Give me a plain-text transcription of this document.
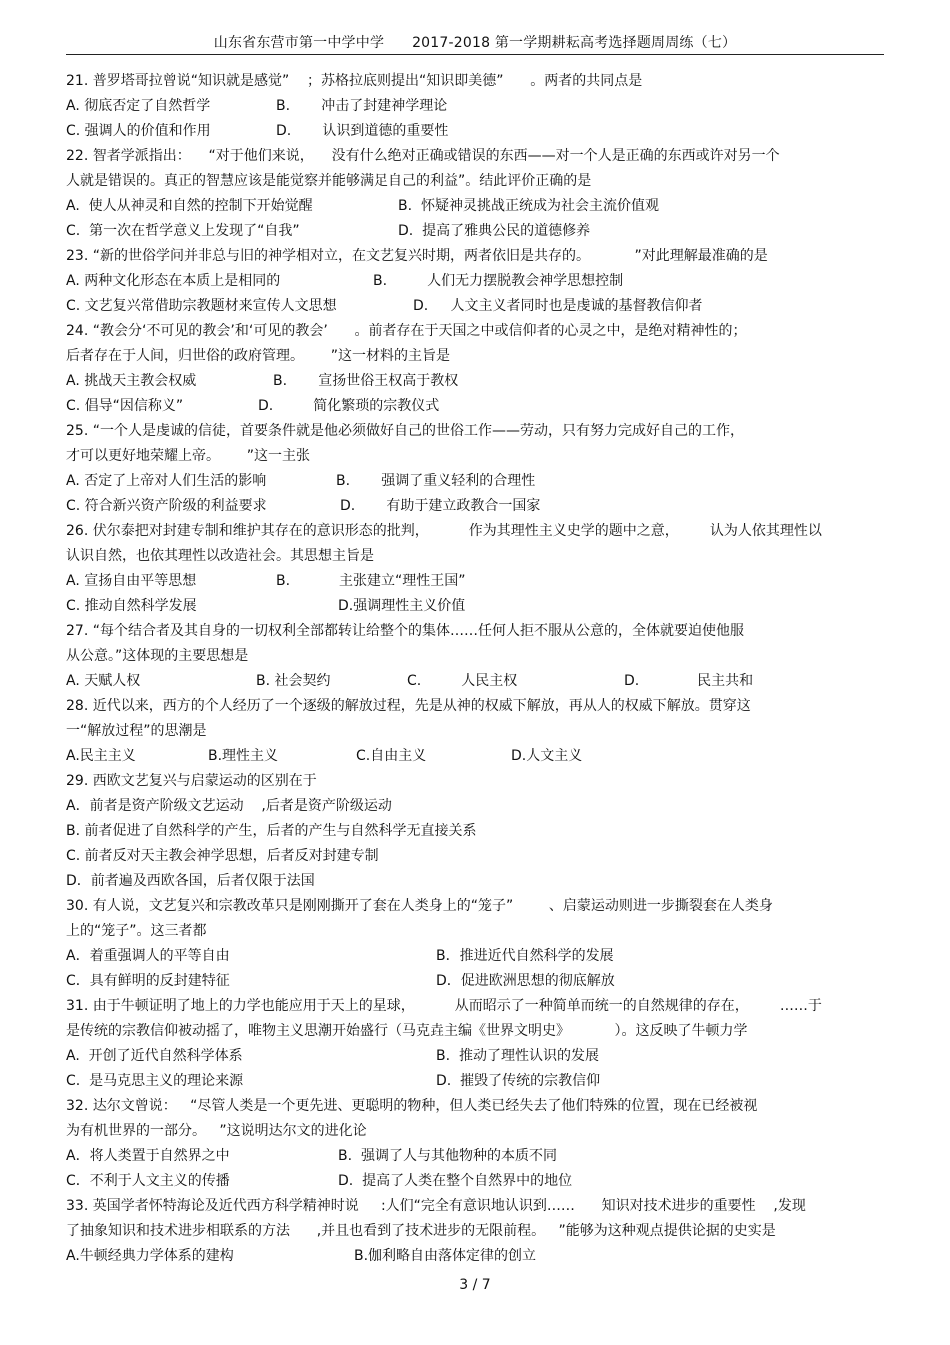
山东省东营市第一中学中学 2017-2018 第一学期耕耘高考选择题周周练（七）
21. 普罗塔哥拉曾说“知识就是感觉”    ；苏格拉底则提出“知识即美德”      。两者的共同点是
A. 彻底否定了自然哲学	B.       冲击了封建神学理论
C. 强调人的价值和作用	D.       认识到道德的重要性
22. 智者学派指出：    “对于他们来说，    没有什么绝对正确或错误的东西——对一个人是正确的东西或许对另一个
人就是错误的。真正的智慧应该是能觉察并能够满足自己的利益”。结此评价正确的是
A.  使人从神灵和自然的控制下开始觉醒	B.  怀疑神灵挑战正统成为社会主流价值观
C.  第一次在哲学意义上发现了“自我”	D.  提高了雅典公民的道德修养
23. “新的世俗学问并非总与旧的神学相对立，在文艺复兴时期，两者依旧是共存的。          ”对此理解最准确的是
A. 两种文化形态在本质上是相同的	B.         人们无力摆脱教会神学思想控制
C. 文艺复兴常借助宗教题材来宣传人文思想	D.     人文主义者同时也是虔诚的基督教信仰者
24. “教会分‘不可见的教会’和‘可见的教会’      。前者存在于天国之中或信仰者的心灵之中，是绝对精神性的；
后者存在于人间，归世俗的政府管理。      ”这一材料的主旨是
A. 挑战天主教会权威	B.       宣扬世俗王权高于教权
C. 倡导“因信称义”	D.         简化繁琐的宗教仪式
25. “一个人是虔诚的信徒，首要条件就是他必须做好自己的世俗工作——劳动，只有努力完成好自己的工作，
才可以更好地荣耀上帝。      ”这一主张
A. 否定了上帝对人们生活的影响	B.       强调了重义轻利的合理性
C. 符合新兴资产阶级的利益要求	D.       有助于建立政教合一国家
26. 伏尔泰把对封建专制和维护其存在的意识形态的批判，         作为其理性主义史学的题中之意，       认为人依其理性以
认识自然，也依其理性以改造社会。其思想主旨是
A. 宣扬自由平等思想	B.           主张建立“理性王国”
C. 推动自然科学发展	D.强调理性主义价值
27. “每个结合者及其自身的一切权利全部都转让给整个的集体……任何人拒不服从公意的，全体就要迫使他服
从公意。”这体现的主要思想是
A. 天赋人权	B. 社会契约	C.         人民主权	D.             民主共和
28. 近代以来，西方的个人经历了一个逐级的解放过程，先是从神的权威下解放，再从人的权威下解放。贯穿这
一“解放过程”的思潮是
A.民主主义	B.理性主义	C.自由主义	D.人文主义
29. 西欧文艺复兴与启蒙运动的区别在于
A．前者是资产阶级文艺运动    ,后者是资产阶级运动
B. 前者促进了自然科学的产生，后者的产生与自然科学无直接关系
C. 前者反对天主教会神学思想，后者反对封建专制
D．前者遍及西欧各国，后者仅限于法国
30. 有人说，文艺复兴和宗教改革只是刚刚撕开了套在人类身上的“笼子”        、启蒙运动则进一步撕裂套在人类身
上的“笼子”。这三者都
A．着重强调人的平等自由	B．推进近代自然科学的发展
C．具有鲜明的反封建特征	D．促进欧洲思想的彻底解放
31. 由于牛顿证明了地上的力学也能应用于天上的星球，         从而昭示了一种简单而统一的自然规律的存在，       ……于
是传统的宗教信仰被动摇了，唯物主义思潮开始盛行（马克垚主编《世界文明史》          ）。这反映了牛顿力学
A.  开创了近代自然科学体系	B.  推动了理性认识的发展
C.  是马克思主义的理论来源	D.  摧毁了传统的宗教信仰
32. 达尔文曾说：   “尽管人类是一个更先进、更聪明的物种，但人类已经失去了他们特殊的位置，现在已经被视
为有机世界的一部分。   ”这说明达尔文的进化论
A．将人类置于自然界之中	B.  强调了人与其他物种的本质不同
C．不利于人文主义的传播	D.  提高了人类在整个自然界中的地位
33. 英国学者怀特海论及近代西方科学精神时说     :人们“完全有意识地认识到……      知识对技术进步的重要性    ,发现
了抽象知识和技术进步相联系的方法      ,并且也看到了技术进步的无限前程。   ”能够为这种观点提供论据的史实是
A.牛顿经典力学体系的建构	B.伽利略自由落体定律的创立
3 / 7
